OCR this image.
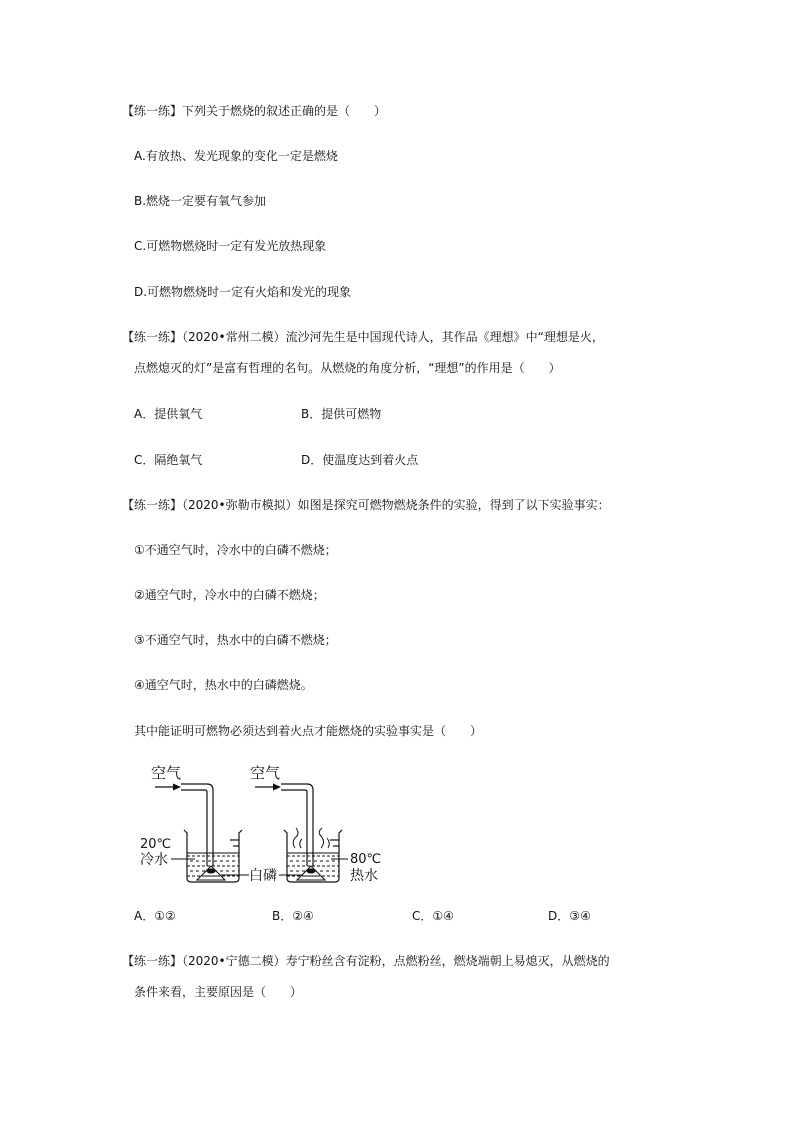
【练一练】下列关于燃烧的叙述正确的是（　　）
A.有放热、发光现象的变化一定是燃烧
B.燃烧一定要有氧气参加
C.可燃物燃烧时一定有发光放热现象
D.可燃物燃烧时一定有火焰和发光的现象
【练一练】（2020•常州二模）流沙河先生是中国现代诗人，其作品《理想》中“理想是火，
点燃熄灭的灯”是富有哲理的名句。从燃烧的角度分析，“理想”的作用是（　　）
A．提供氧气	B．提供可燃物
C．隔绝氧气	D．使温度达到着火点
【练一练】（2020•弥勒市模拟）如图是探究可燃物燃烧条件的实验，得到了以下实验事实：
①不通空气时，冷水中的白磷不燃烧；
②通空气时，冷水中的白磷不燃烧；
③不通空气时，热水中的白磷不燃烧；
④通空气时，热水中的白磷燃烧。
其中能证明可燃物必须达到着火点才能燃烧的实验事实是（　　）
空气	空气
20℃
冷水
白磷
80℃
热水
A．①②	B．②④	C．①④	D．③④
【练一练】（2020•宁德二模）寿宁粉丝含有淀粉，点燃粉丝，燃烧端朝上易熄灭，从燃烧的
条件来看，主要原因是（　　）
